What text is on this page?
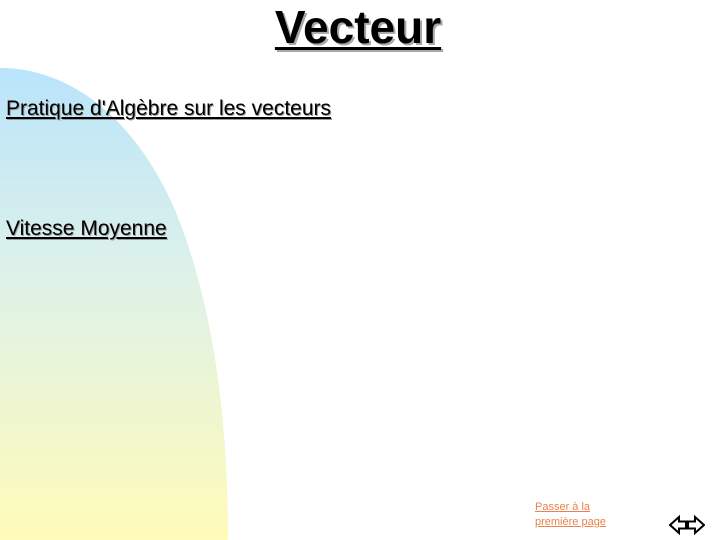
Vecteur
Pratique d'Algèbre sur les vecteurs
Vitesse Moyenne
Passer à la première page
